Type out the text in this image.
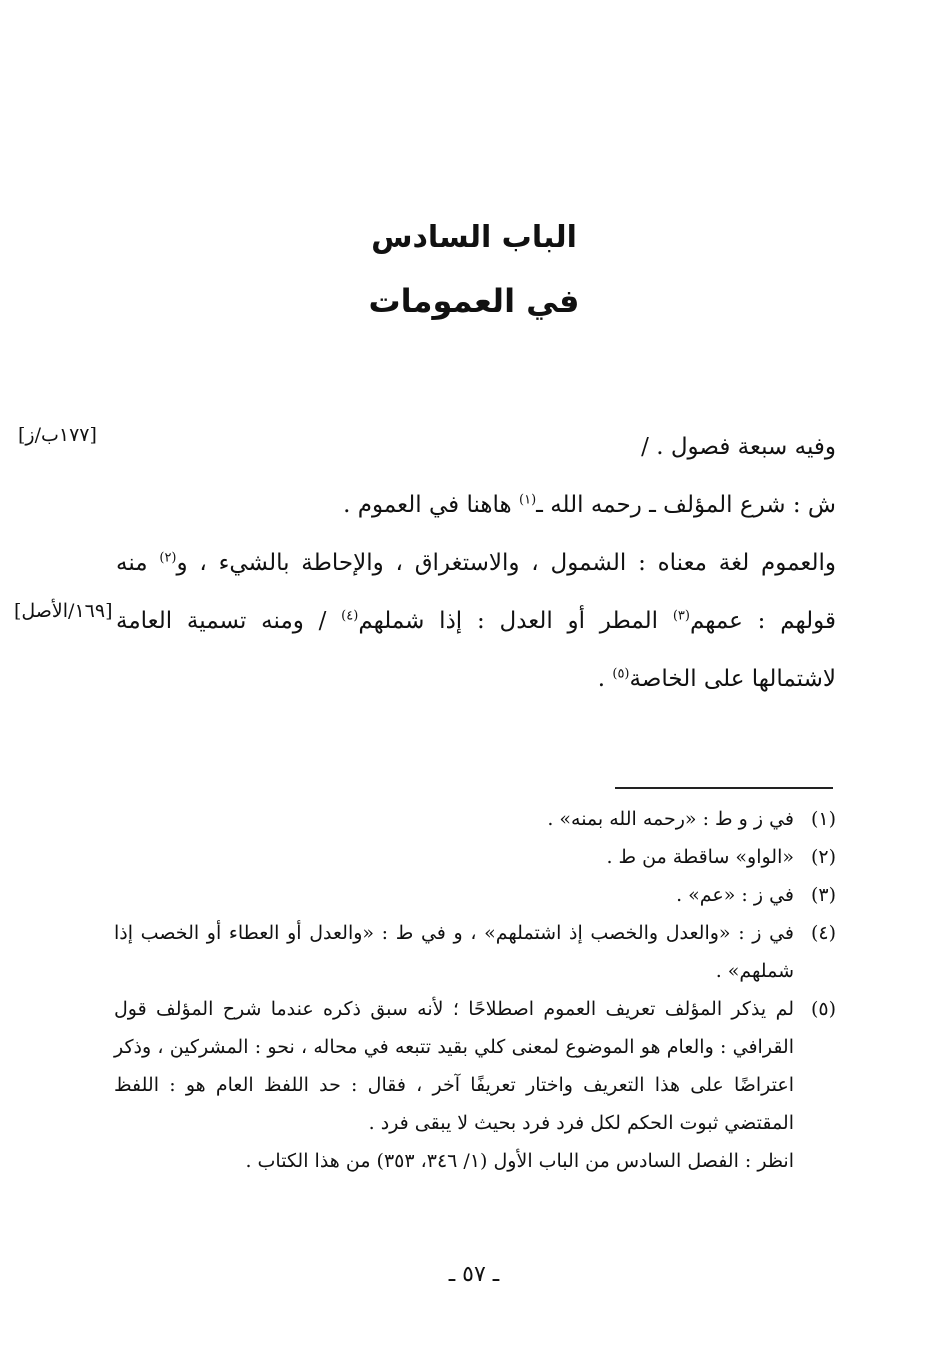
الباب السادس
في العمومات
[١٧٧ب/ز]
[١٦٩/الأصل]

وفيه سبعة فصول . /

ش : شرع المؤلف ـ رحمه الله ـ$^{(١)}$ هاهنا في العموم .

والعموم لغة معناه : الشمول ، والاستغراق ، والإحاطة بالشيء ، و$^{(٢)}$ منه قولهم : عمهم$^{(٣)}$ المطر أو العدل : إذا شملهم$^{(٤)}$ / ومنه تسمية العامة لاشتمالها على الخاصة$^{(٥)}$ .

(١)
في ز و ط : «رحمه الله بمنه» .
(٢)
«الواو» ساقطة من ط .
(٣)
في ز : «عم» .
(٤)
في ز : «والعدل والخصب إذ اشتملهم» ، و في ط : «والعدل أو العطاء أو الخصب إذا شملهم» .
(٥)
لم يذكر المؤلف تعريف العموم اصطلاحًا ؛ لأنه سبق ذكره عندما شرح المؤلف قول القرافي : والعام هو الموضوع لمعنى كلي بقيد تتبعه في محاله ، نحو : المشركين ، وذكر اعتراضًا على هذا التعريف واختار تعريفًا آخر ، فقال : حد اللفظ العام هو : اللفظ المقتضي ثبوت الحكم لكل فرد فرد بحيث لا يبقى فرد .
انظر : الفصل السادس من الباب الأول (١/ ٣٤٦، ٣٥٣) من هذا الكتاب .
ـ ٥٧ ـ
